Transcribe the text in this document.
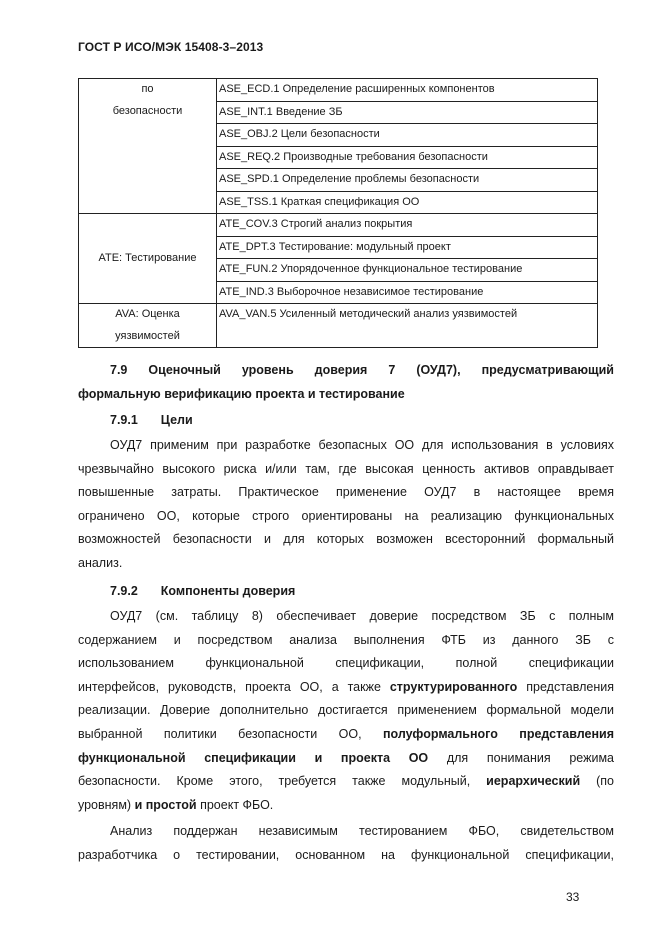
ГОСТ Р ИСО/МЭК 15408-3–2013
по
безопасности	ASE_ECD.1 Определение расширенных компонентов
	ASE_INT.1 Введение ЗБ
	ASE_OBJ.2 Цели безопасности
	ASE_REQ.2 Производные требования безопасности
	ASE_SPD.1 Определение проблемы безопасности
	ASE_TSS.1 Краткая спецификация ОО

ATE: Тестирование	ATE_COV.3 Строгий анализ покрытия
	ATE_DPT.3 Тестирование: модульный проект
	ATE_FUN.2 Упорядоченное функциональное тестирование
	ATE_IND.3 Выборочное независимое тестирование

AVA: Оценка
уязвимостей	AVA_VAN.5 Усиленный методический анализ уязвимостей
7.9 Оценочный уровень доверия 7 (ОУД7), предусматривающий
формальную верификацию проекта и тестирование
7.9.1 Цели
ОУД7 применим при разработке безопасных ОО для использования в условиях
чрезвычайно высокого риска и/или там, где высокая ценность активов оправдывает
повышенные затраты. Практическое применение ОУД7 в настоящее время
ограничено ОО, которые строго ориентированы на реализацию функциональных
возможностей безопасности и для которых возможен всесторонний формальный
анализ.
7.9.2 Компоненты доверия
ОУД7 (см. таблицу 8) обеспечивает доверие посредством ЗБ с полным
содержанием и посредством анализа выполнения ФТБ из данного ЗБ с
использованием функциональной спецификации, полной спецификации
интерфейсов, руководств, проекта ОО, а также структурированного представления
реализации. Доверие дополнительно достигается применением формальной модели
выбранной политики безопасности ОО, полуформального представления
функциональной спецификации и проекта ОО для понимания режима
безопасности. Кроме этого, требуется также модульный, иерархический (по
уровням) и простой проект ФБО.
Анализ поддержан независимым тестированием ФБО, свидетельством
разработчика о тестировании, основанном на функциональной спецификации,
33
